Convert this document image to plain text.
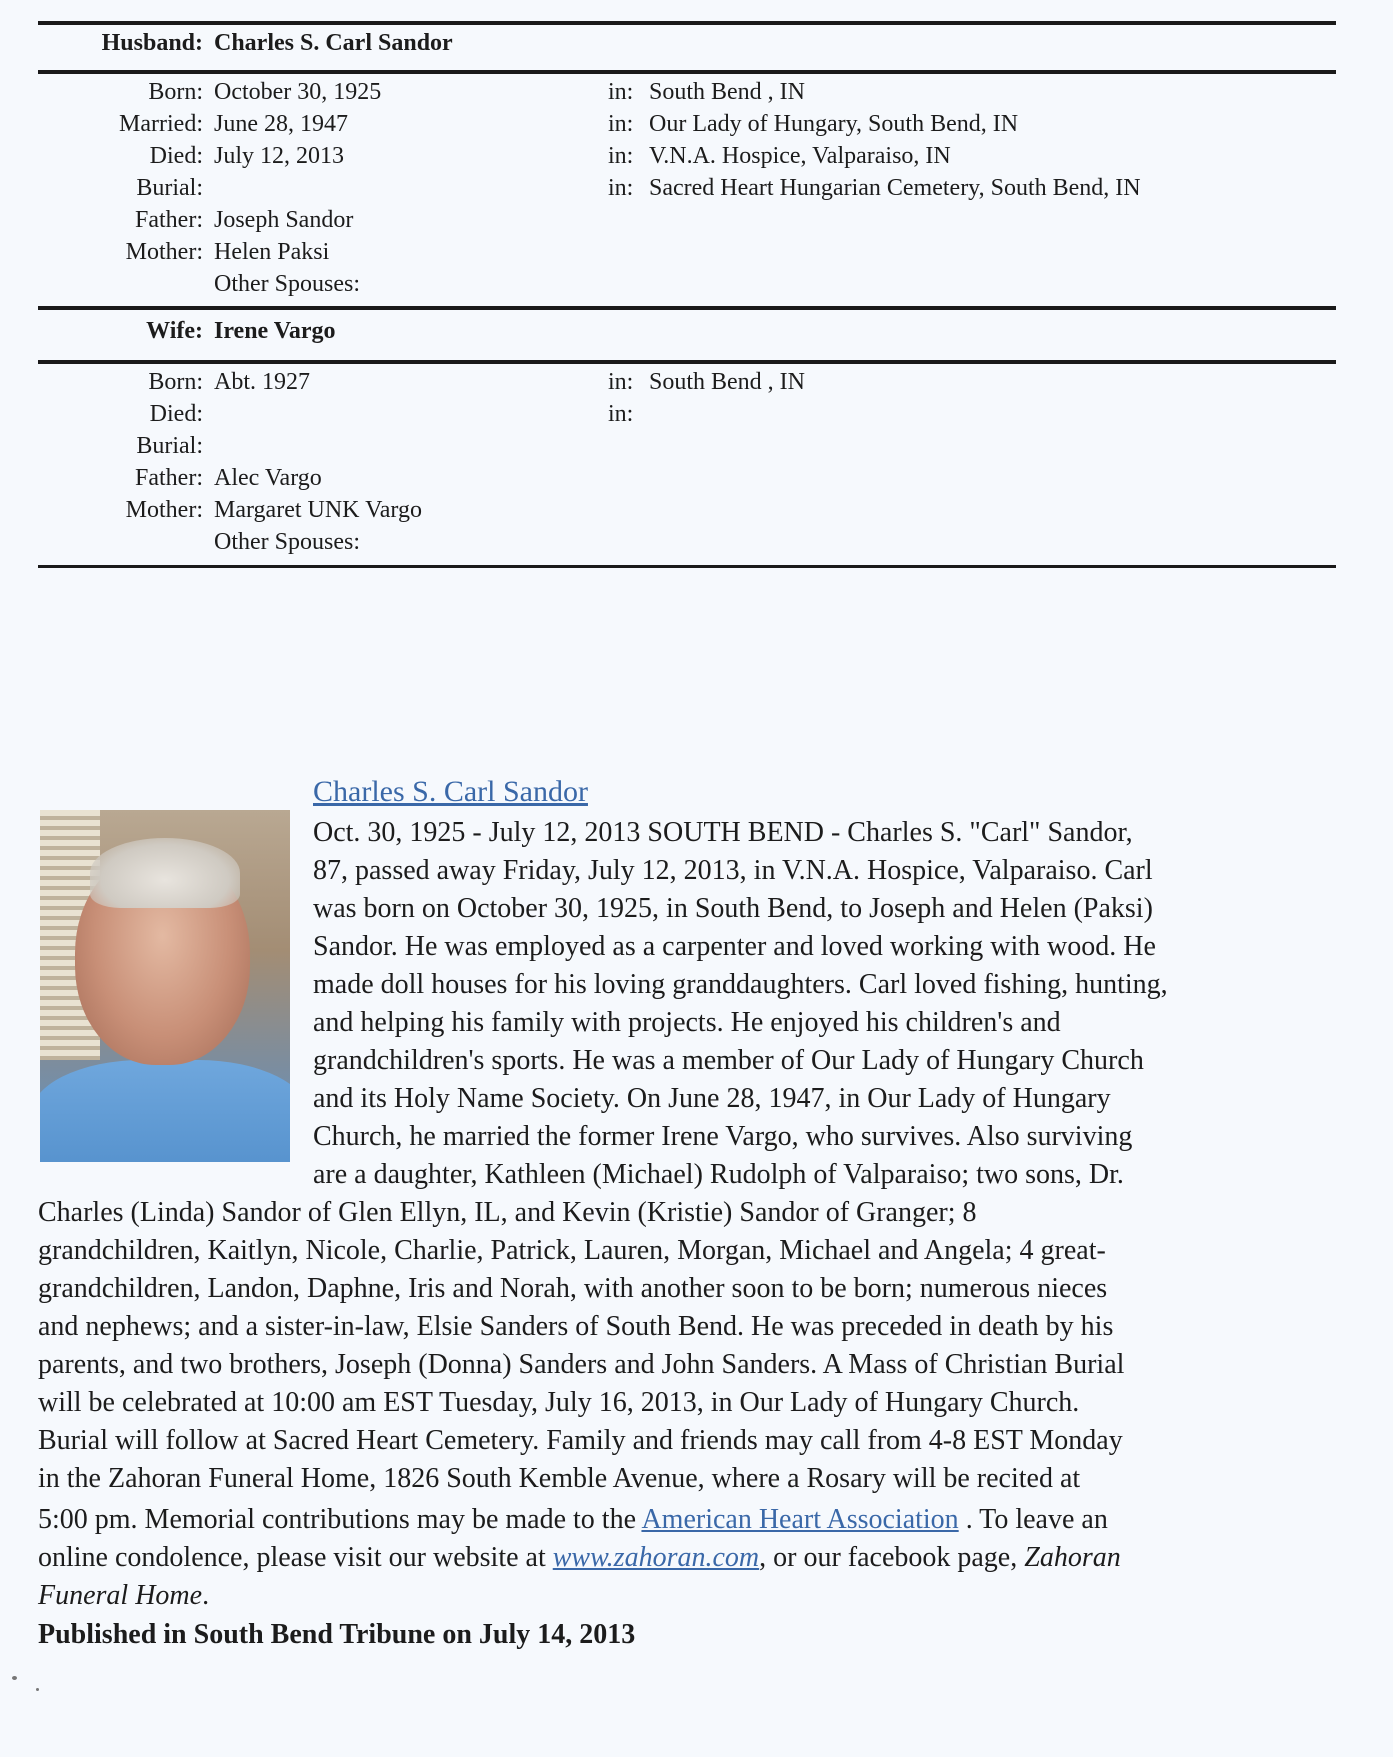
Husband: Charles S. Carl Sandor
Born: October 30, 1925	in: South Bend , IN
Married: June 28, 1947	in: Our Lady of Hungary, South Bend, IN
Died: July 12, 2013	in: V.N.A. Hospice, Valparaiso, IN
Burial:	in: Sacred Heart Hungarian Cemetery, South Bend, IN
Father: Joseph Sandor
Mother: Helen Paksi
Other Spouses:
Wife: Irene Vargo
Born: Abt. 1927	in: South Bend , IN
Died:	in:
Burial:
Father: Alec Vargo
Mother: Margaret UNK Vargo
Other Spouses:
Charles S. Carl Sandor
Oct. 30, 1925 - July 12, 2013 SOUTH BEND - Charles S. "Carl" Sandor,
87, passed away Friday, July 12, 2013, in V.N.A. Hospice, Valparaiso. Carl
was born on October 30, 1925, in South Bend, to Joseph and Helen (Paksi)
Sandor. He was employed as a carpenter and loved working with wood. He
made doll houses for his loving granddaughters. Carl loved fishing, hunting,
and helping his family with projects. He enjoyed his children's and
grandchildren's sports. He was a member of Our Lady of Hungary Church
and its Holy Name Society. On June 28, 1947, in Our Lady of Hungary
Church, he married the former Irene Vargo, who survives. Also surviving
are a daughter, Kathleen (Michael) Rudolph of Valparaiso; two sons, Dr.
Charles (Linda) Sandor of Glen Ellyn, IL, and Kevin (Kristie) Sandor of Granger; 8
grandchildren, Kaitlyn, Nicole, Charlie, Patrick, Lauren, Morgan, Michael and Angela; 4 great-
grandchildren, Landon, Daphne, Iris and Norah, with another soon to be born; numerous nieces
and nephews; and a sister-in-law, Elsie Sanders of South Bend. He was preceded in death by his
parents, and two brothers, Joseph (Donna) Sanders and John Sanders. A Mass of Christian Burial
will be celebrated at 10:00 am EST Tuesday, July 16, 2013, in Our Lady of Hungary Church.
Burial will follow at Sacred Heart Cemetery. Family and friends may call from 4-8 EST Monday
in the Zahoran Funeral Home, 1826 South Kemble Avenue, where a Rosary will be recited at
5:00 pm. Memorial contributions may be made to the American Heart Association . To leave an
online condolence, please visit our website at www.zahoran.com, or our facebook page, Zahoran
Funeral Home.
Published in South Bend Tribune on July 14, 2013
